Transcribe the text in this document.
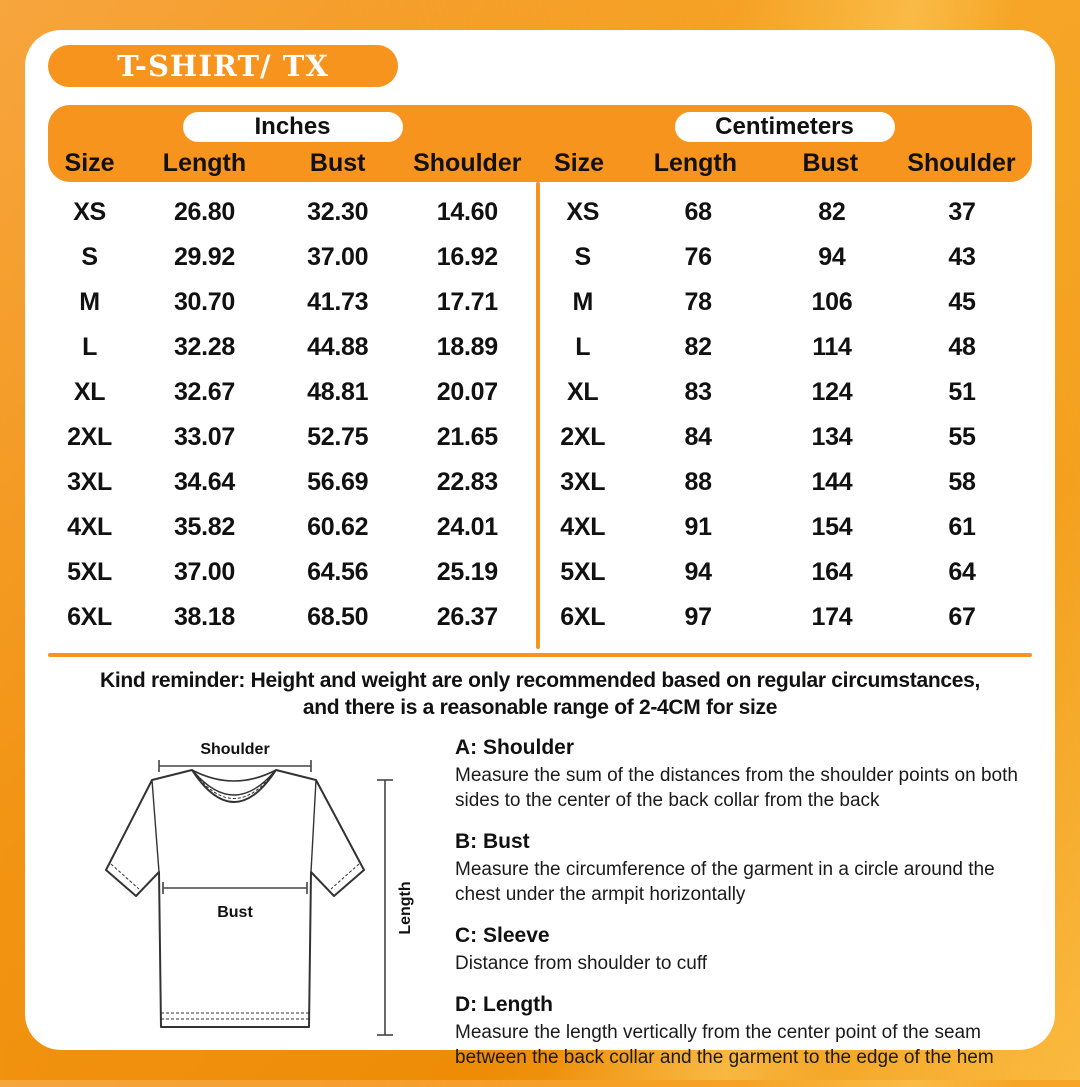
T-SHIRT/ TX
Inches
Size	Length	Bust	Shoulder
Centimeters
Size	Length	Bust	Shoulder
XS	26.80	32.30	14.60
S	29.92	37.00	16.92
M	30.70	41.73	17.71
L	32.28	44.88	18.89
XL	32.67	48.81	20.07
2XL	33.07	52.75	21.65
3XL	34.64	56.69	22.83
4XL	35.82	60.62	24.01
5XL	37.00	64.56	25.19
6XL	38.18	68.50	26.37
XS	68	82	37
S	76	94	43
M	78	106	45
L	82	114	48
XL	83	124	51
2XL	84	134	55
3XL	88	144	58
4XL	91	154	61
5XL	94	164	64
6XL	97	174	67
Kind reminder: Height and weight are only recommended based on regular circumstances,
and there is a reasonable range of 2-4CM for size
Shoulder
Bust	Length
A: Shoulder
Measure the sum of the distances from the shoulder points on both sides to the center of the back collar from the back
B: Bust
Measure the circumference of the garment in a circle around the chest under the armpit horizontally
C: Sleeve
Distance from shoulder to cuff
D: Length
Measure the length vertically from the center point of the seam between the back collar and the garment to the edge of the hem
